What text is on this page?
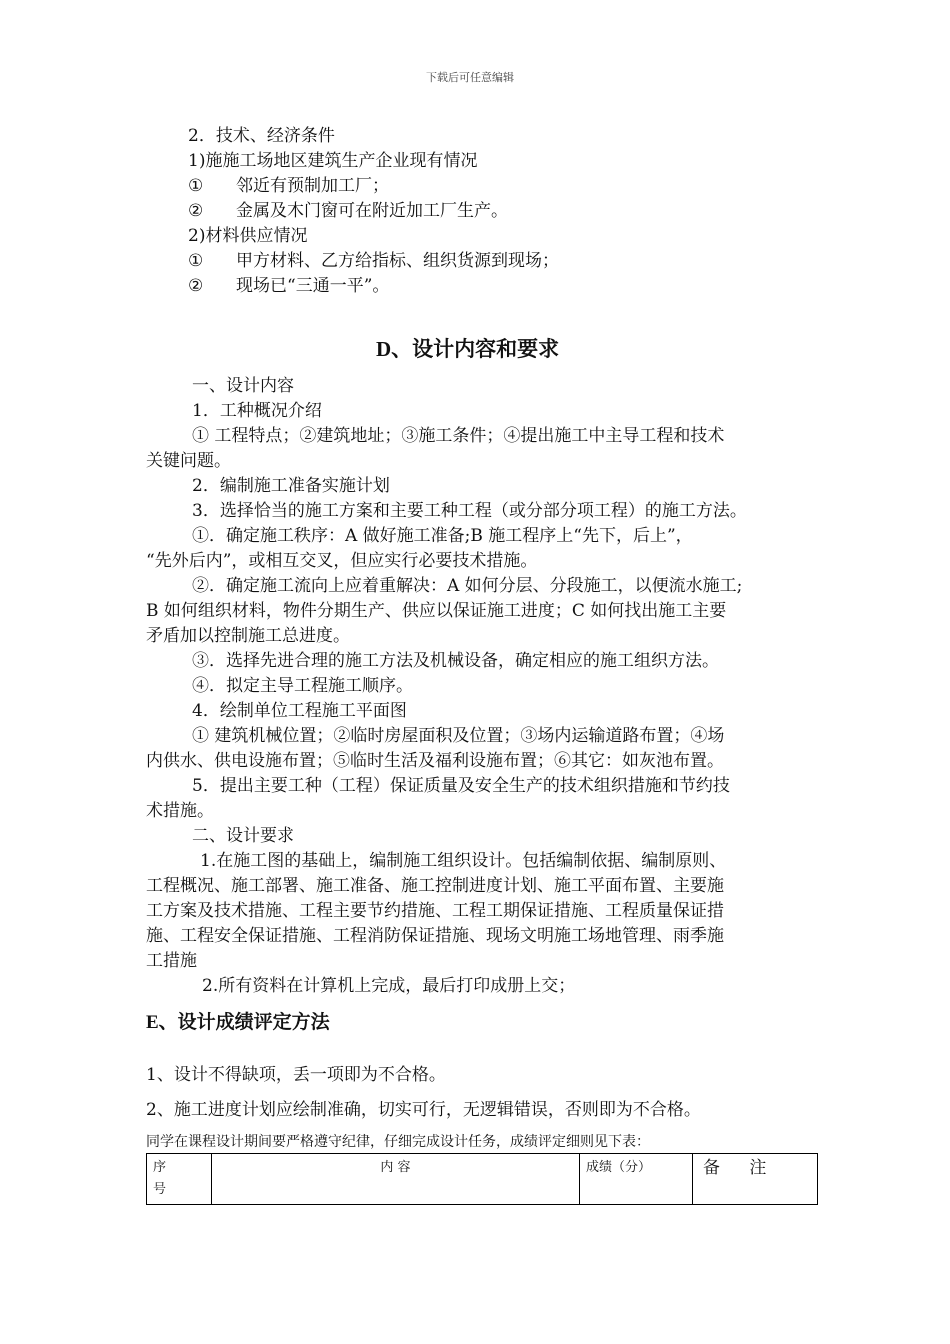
下载后可任意编辑
2．技术、经济条件
1)施施工场地区建筑生产企业现有情况
① 邻近有预制加工厂；
② 金属及木门窗可在附近加工厂生产。
2)材料供应情况
① 甲方材料、乙方给指标、组织货源到现场；
② 现场已“三通一平”。
D、设计内容和要求
一、设计内容
1．工种概况介绍
① 工程特点；②建筑地址；③施工条件；④提出施工中主导工程和技术
关键问题。
2．编制施工准备实施计划
3．选择恰当的施工方案和主要工种工程（或分部分项工程）的施工方法。
①．确定施工秩序：A 做好施工准备;B 施工程序上“先下，后上”，
“先外后内”，或相互交叉，但应实行必要技术措施。
②．确定施工流向上应着重解决：A 如何分层、分段施工，以便流水施工;
B 如何组织材料，物件分期生产、供应以保证施工进度；C 如何找出施工主要
矛盾加以控制施工总进度。
③．选择先进合理的施工方法及机械设备，确定相应的施工组织方法。
④．拟定主导工程施工顺序。
4．绘制单位工程施工平面图
① 建筑机械位置；②临时房屋面积及位置；③场内运输道路布置；④场
内供水、供电设施布置；⑤临时生活及福利设施布置；⑥其它：如灰池布置。
5．提出主要工种（工程）保证质量及安全生产的技术组织措施和节约技
术措施。
二、设计要求
1.在施工图的基础上，编制施工组织设计。包括编制依据、编制原则、
工程概况、施工部署、施工准备、施工控制进度计划、施工平面布置、主要施
工方案及技术措施、工程主要节约措施、工程工期保证措施、工程质量保证措
施、工程安全保证措施、工程消防保证措施、现场文明施工场地管理、雨季施
工措施
2.所有资料在计算机上完成，最后打印成册上交；
E、设计成绩评定方法
1、设计不得缺项，丢一项即为不合格。
2、施工进度计划应绘制准确，切实可行，无逻辑错误，否则即为不合格。
同学在课程设计期间要严格遵守纪律，仔细完成设计任务，成绩评定细则见下表：
序
号
	内 容	成绩（分）	备 注
